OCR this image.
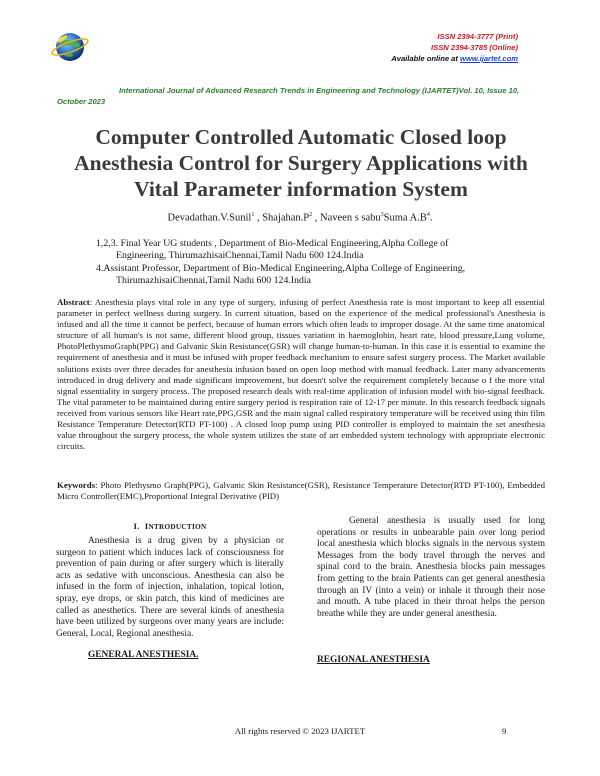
ISSN 2394-3777 (Print)
ISSN 2394-3785 (Online)
Available online at www.ijartet.com
International Journal of Advanced Research Trends in Engineering and Technology (IJARTET)Vol. 10, Issue 10, October 2023
Computer Controlled Automatic Closed loop Anesthesia Control for Surgery Applications with Vital Parameter information System
Devadathan.V.Sunil$^1$ , $Shajahan.P^2$ , Naveen s sabu$^3$Suma $A.B^4$.
1,2,3. Final Year UG students , Department of Bio-Medical Engineering,Alpha College of
Engineering, ThirumazhisaiChennai,Tamil Nadu 600 124.India
4.Assistant Professor, Department of Bio-Medical Engineering,Alpha College of Engineering,
ThirumazhisaiChennai,Tamil Nadu 600 124.India
Abstract: Anesthesia plays vital role in any type of surgery, infusing of perfect Anesthesia rate is most important to keep all essential parameter in perfect wellness during surgery. In current situation, based on the experience of the medical professional's Anesthesia is infused and all the time it cannot be perfect, because of human errors which often leads to improper dosage. At the same time anatomical structure of all human's is not same, different blood group, tissues variation in haemoglobin, heart rate, blood pressure,Lung volume, PhotoPlethysmoGraph(PPG) and Galvanic Skin Resistance(GSR) will change human-to-human. In this case it is essential to examine the requirement of anesthesia and it must be infused with proper feedback mechanism to ensure safest surgery process. The Market available solutions exists over three decades for anesthesia infusion based on open loop method with manual feedback. Later many advancements introduced in drug delivery and made significant improvement, but doesn't solve the requirement completely because o f the more vital signal essentiality in surgery process. The proposed research deals with real-time application of infusion model with bio-signal feedback. The vital parameter to be maintained during entire surgery period is respiration rate of 12-17 per minute. In this research feedback signals received from various sensors like Heart rate,PPG,GSR and the main signal called respiratory temperature will be received using thin film Resistance Temperature Detector(RTD PT-100) . A closed loop pump using PID controller is employed to maintain the set anesthesia value throughout the surgery process, the whole system utilizes the state of art embedded system technology with appropriate electronic circuits.
Keywords: Photo Plethysmo Graph(PPG), Galvanic Skin Resistance(GSR), Resistance Temperature Detector(RTD PT-100), Embedded Micro Controller(EMC),Proportional Integral Derivative (PID)
I. INTRODUCTION
Anesthesia is a drug given by a physician or surgeon to patient which induces lack of consciousness for prevention of pain during or after surgery which is literally acts as sedative with unconscious. Anesthesia can also be infused in the form of injection, inhalation, topical lotion, spray, eye drops, or skin patch, this kind of medicines are called as anesthetics. There are several kinds of anesthesia have been utilized by surgeons over many years are include: General, Local, Regional anesthesia.
GENERAL ANESTHESIA.
General anesthesia is usually used for long operations or results in unbearable pain over long period local anesthesia which blocks signals in the nervous system Messages from the body travel through the nerves and spinal cord to the brain. Anesthesia blocks pain messages from getting to the brain Patients can get general anesthesia through an IV (into a vein) or inhale it through their nose and mouth. A tube placed in their throat helps the person breathe while they are under general anesthesia.
REGIONAL ANESTHESIA
All rights reserved © 2023 IJARTET	9
